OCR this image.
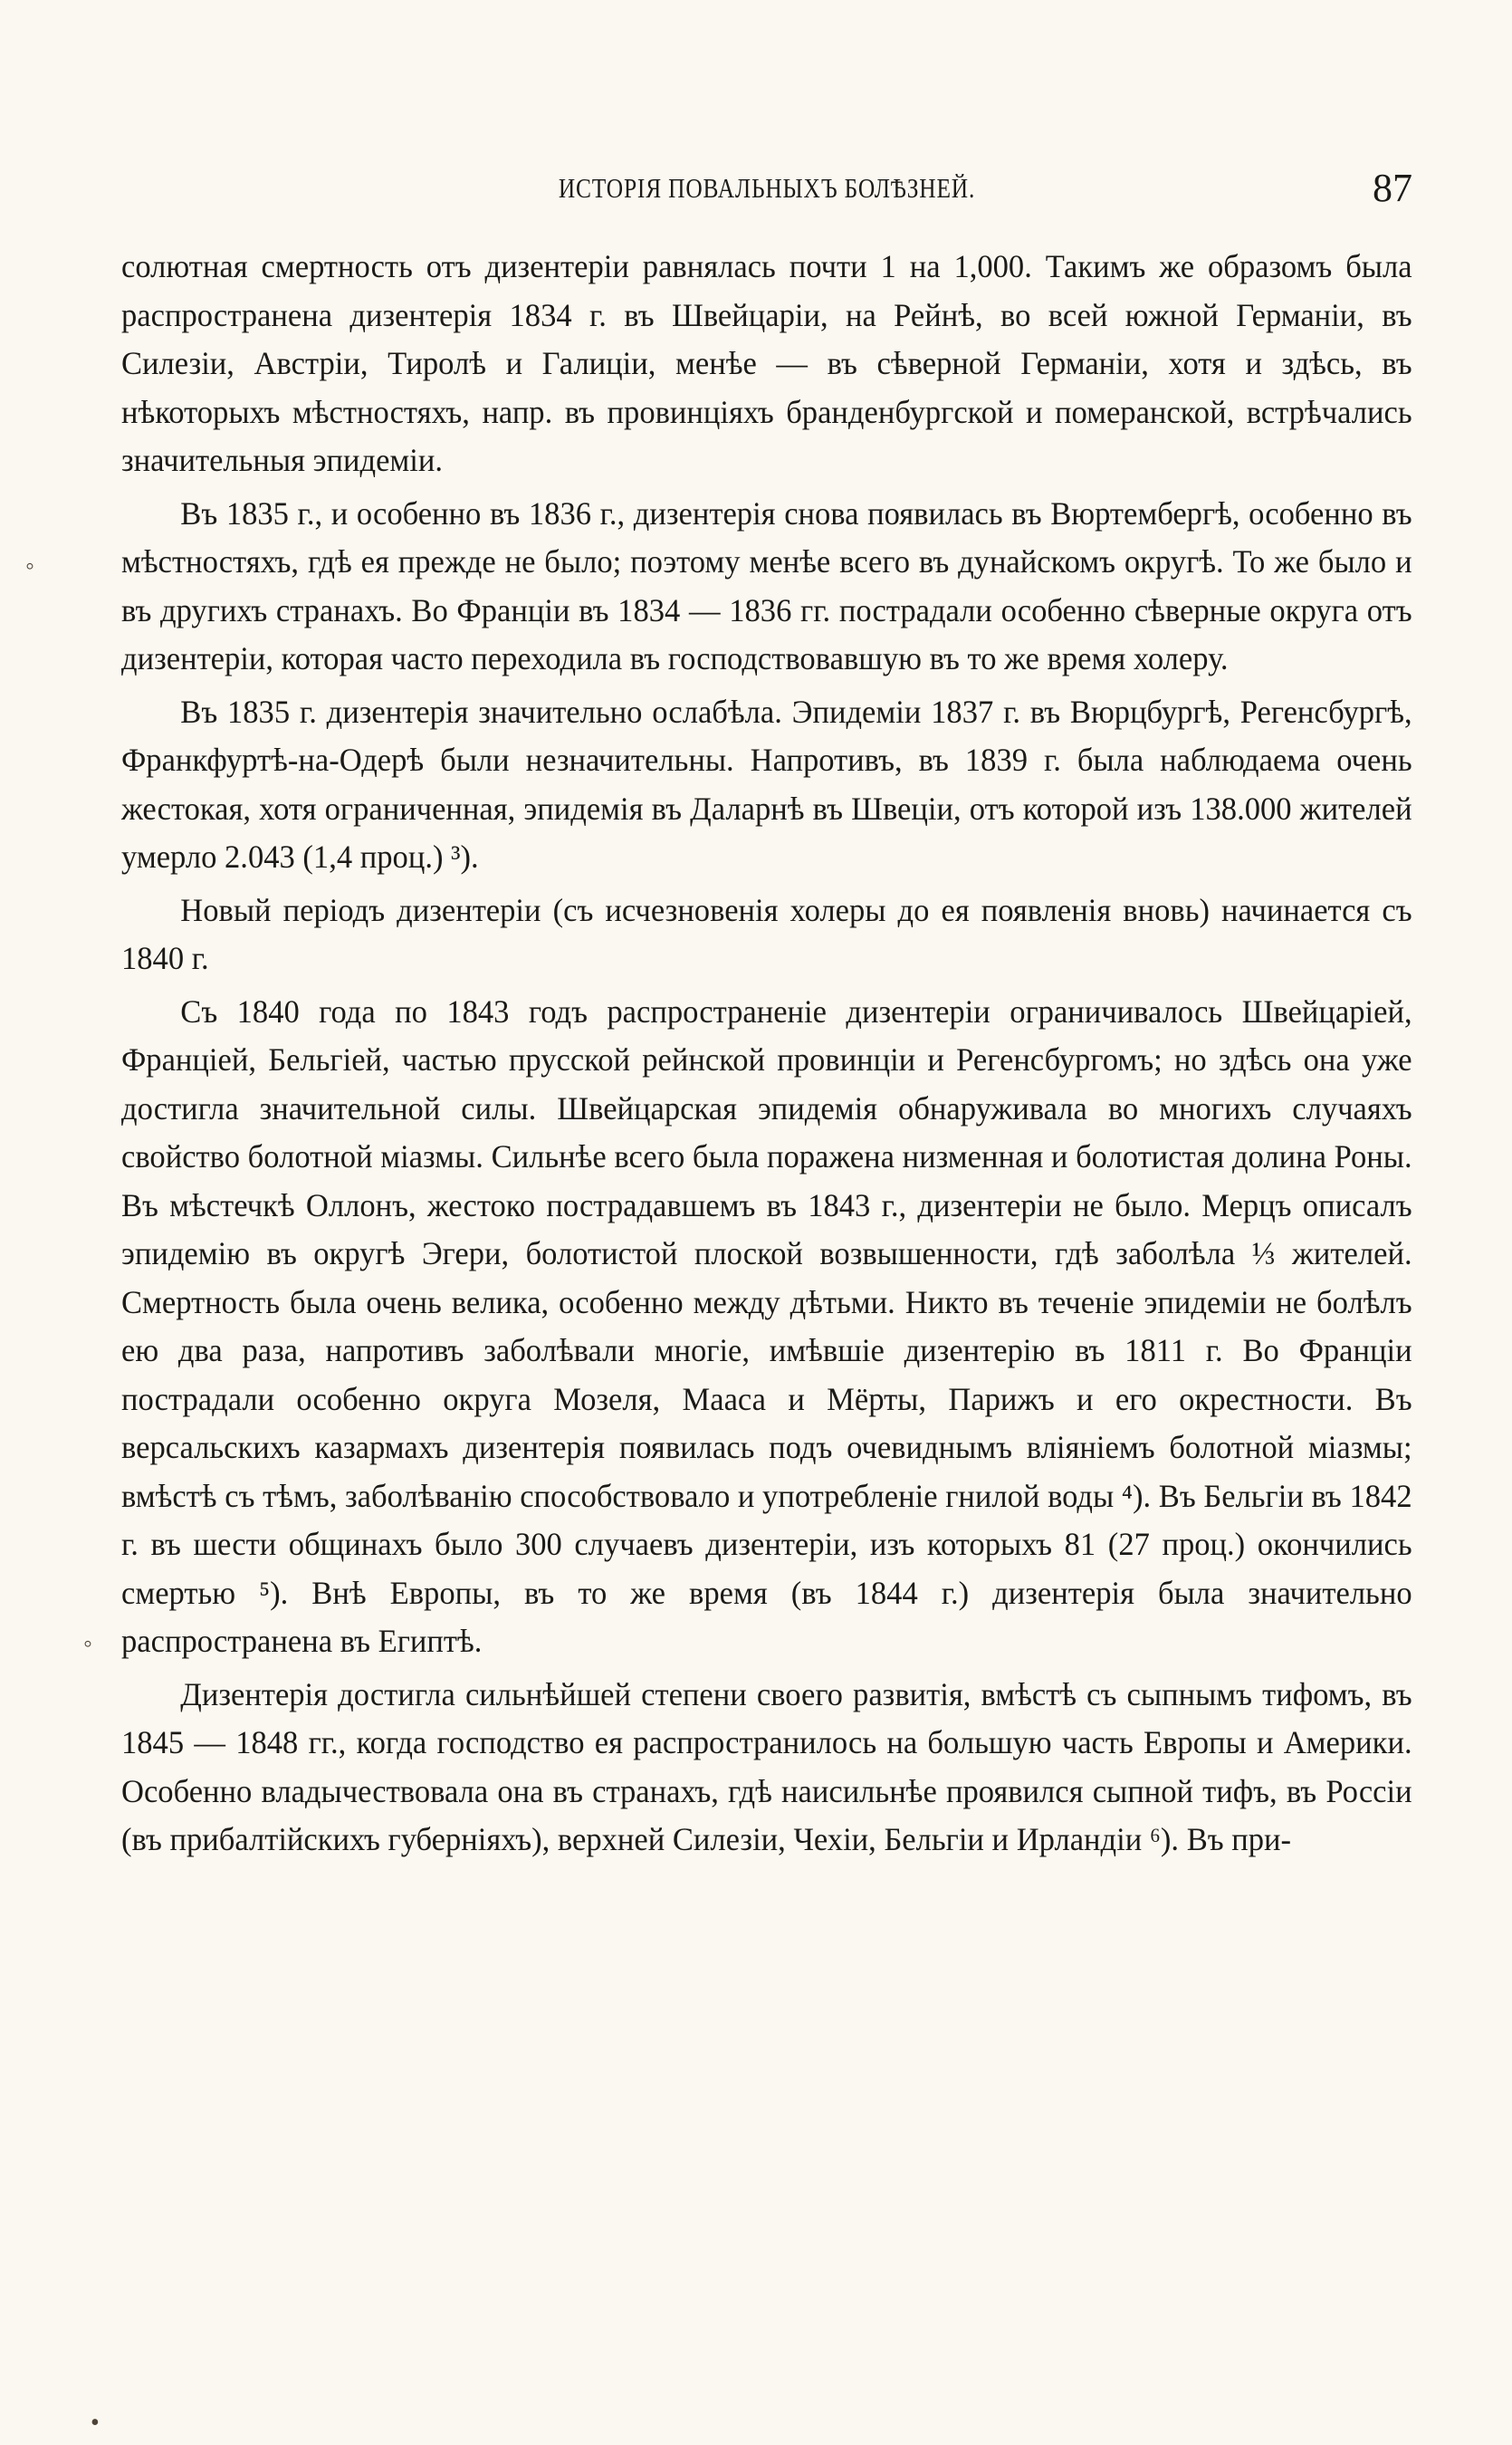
ИСТОРІЯ ПОВАЛЬНЫХЪ БОЛѢЗНЕЙ.	87

солютная смертность отъ дизентеріи равнялась почти 1 на 1,000. Такимъ же образомъ была распространена дизентерія 1834 г. въ Швейцаріи, на Рейнѣ, во всей южной Германіи, въ Силезіи, Австріи, Тиролѣ и Галиціи, менѣе — въ сѣверной Германіи, хотя и здѣсь, въ нѣкоторыхъ мѣстностяхъ, напр. въ провинціяхъ бранденбургской и померанской, встрѣчались значительныя эпидеміи.

Въ 1835 г., и особенно въ 1836 г., дизентерія снова появилась въ Вюртембергѣ, особенно въ мѣстностяхъ, гдѣ ея прежде не было; поэтому менѣе всего въ дунайскомъ округѣ. То же было и въ другихъ странахъ. Во Франціи въ 1834 — 1836 гг. пострадали особенно сѣверные округа отъ дизентеріи, которая часто переходила въ господствовавшую въ то же время холеру.

Въ 1835 г. дизентерія значительно ослабѣла. Эпидеміи 1837 г. въ Вюрцбургѣ, Регенсбургѣ, Франкфуртѣ-на-Одерѣ были незначительны. Напротивъ, въ 1839 г. была наблюдаема очень жестокая, хотя ограниченная, эпидемія въ Даларнѣ въ Швеціи, отъ которой изъ 138.000 жителей умерло 2.043 (1,4 проц.) ³).

Новый періодъ дизентеріи (съ исчезновенія холеры до ея появленія вновь) начинается съ 1840 г.

Съ 1840 года по 1843 годъ распространеніе дизентеріи ограничивалось Швейцаріей, Франціей, Бельгіей, частью прусской рейнской провинціи и Регенсбургомъ; но здѣсь она уже достигла значительной силы. Швейцарская эпидемія обнаруживала во многихъ случаяхъ свойство болотной міазмы. Сильнѣе всего была поражена низменная и болотистая долина Роны. Въ мѣстечкѣ Оллонъ, жестоко пострадавшемъ въ 1843 г., дизентеріи не было. Мерцъ описалъ эпидемію въ округѣ Эгери, болотистой плоской возвышенности, гдѣ заболѣла ⅓ жителей. Смертность была очень велика, особенно между дѣтьми. Никто въ теченіе эпидеміи не болѣлъ ею два раза, напротивъ заболѣвали многіе, имѣвшіе дизентерію въ 1811 г. Во Франціи пострадали особенно округа Мозеля, Мааса и Мёрты, Парижъ и его окрестности. Въ версальскихъ казармахъ дизентерія появилась подъ очевиднымъ вліяніемъ болотной міазмы; вмѣстѣ съ тѣмъ, заболѣванію способствовало и употребленіе гнилой воды ⁴). Въ Бельгіи въ 1842 г. въ шести общинахъ было 300 случаевъ дизентеріи, изъ которыхъ 81 (27 проц.) окончились смертью ⁵). Внѣ Европы, въ то же время (въ 1844 г.) дизентерія была значительно распространена въ Египтѣ.

Дизентерія достигла сильнѣйшей степени своего развитія, вмѣстѣ съ сыпнымъ тифомъ, въ 1845 — 1848 гг., когда господство ея распространилось на большую часть Европы и Америки. Особенно владычествовала она въ странахъ, гдѣ наисильнѣе проявился сыпной тифъ, въ Россіи (въ прибалтійскихъ губерніяхъ), верхней Силезіи, Чехіи, Бельгіи и Ирландіи ⁶). Въ при-

◦
◦
•
